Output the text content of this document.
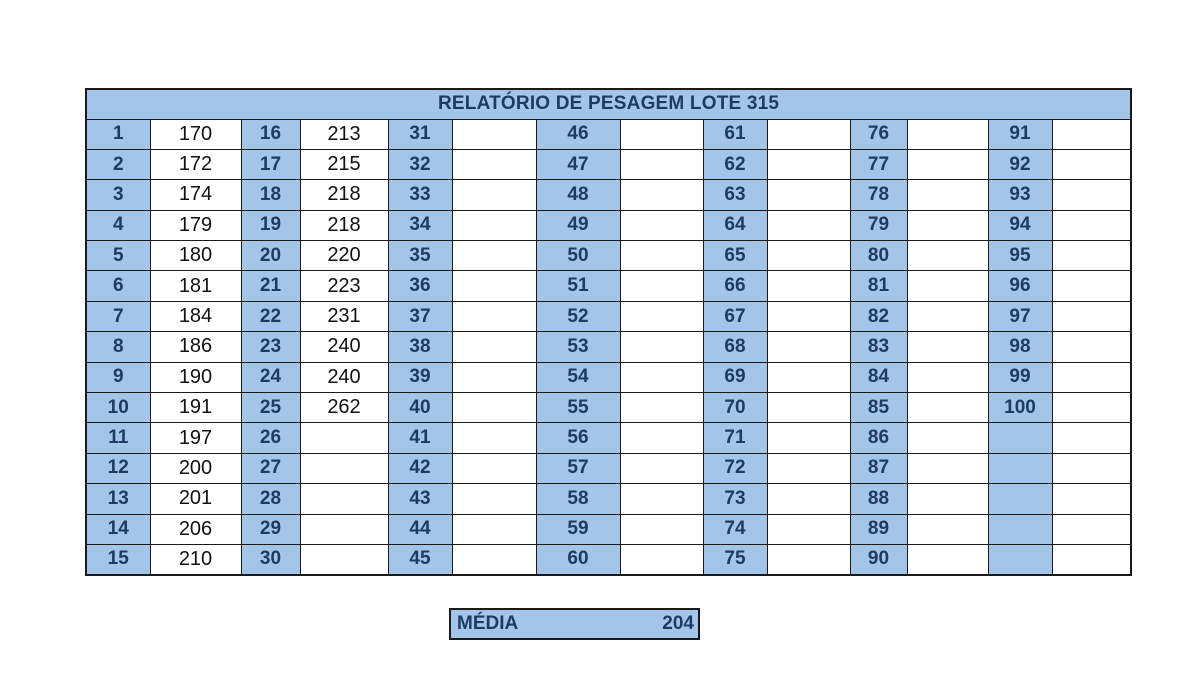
RELATÓRIO DE PESAGEM LOTE 315													
1	170	16	213	31		46		61		76		91	
2	172	17	215	32		47		62		77		92	
3	174	18	218	33		48		63		78		93	
4	179	19	218	34		49		64		79		94	
5	180	20	220	35		50		65		80		95	
6	181	21	223	36		51		66		81		96	
7	184	22	231	37		52		67		82		97	
8	186	23	240	38		53		68		83		98	
9	190	24	240	39		54		69		84		99	
10	191	25	262	40		55		70		85		100	
11	197	26		41		56		71		86			
12	200	27		42		57		72		87			
13	201	28		43		58		73		88			
14	206	29		44		59		74		89			
15	210	30		45		60		75		90			
MÉDIA	204
